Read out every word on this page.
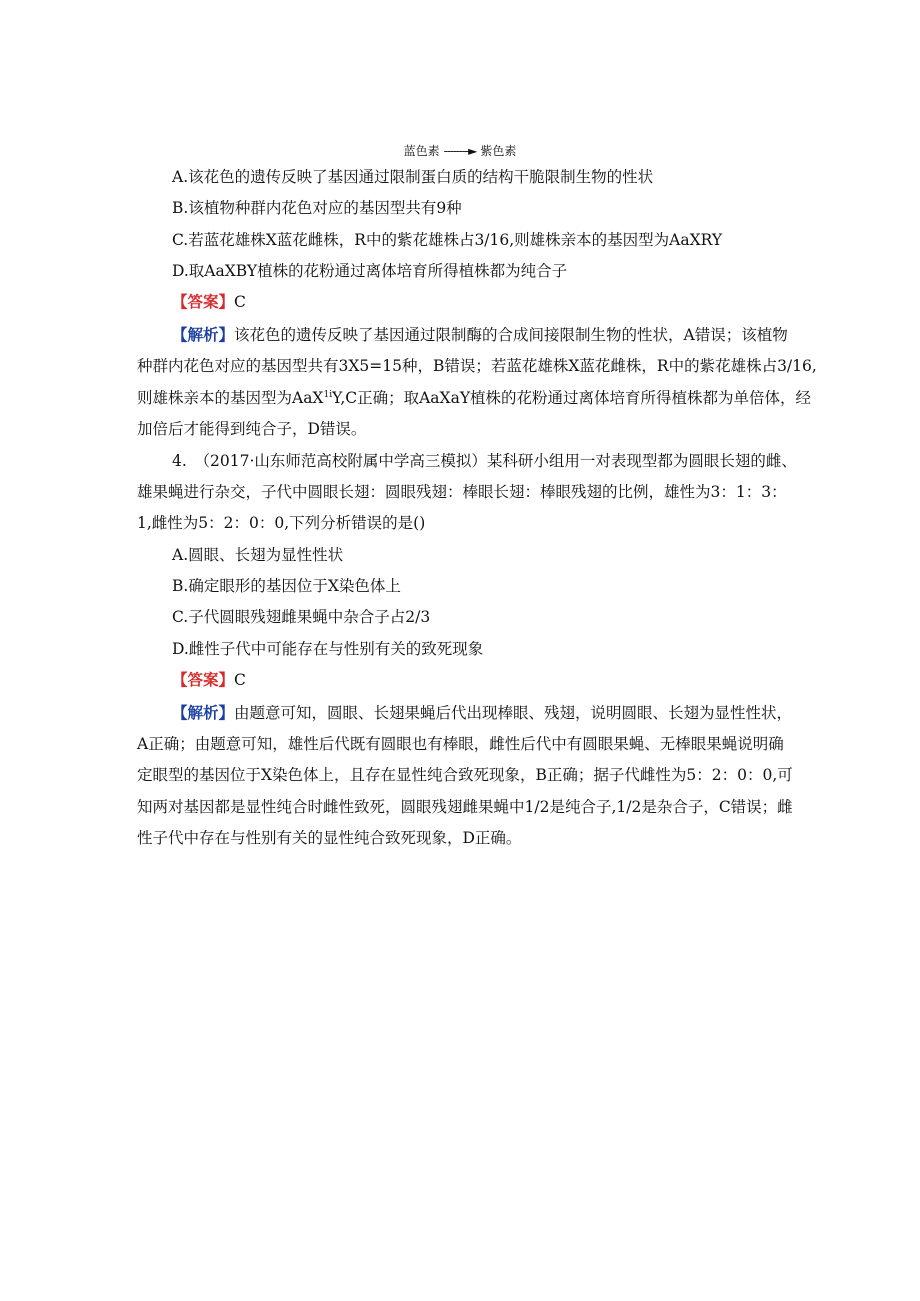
蓝色素 --------► 紫色素
A.该花色的遗传反映了基因通过限制蛋白质的结构干脆限制生物的性状
B.该植物种群内花色对应的基因型共有9种
C.若蓝花雄株X蓝花雌株，R中的紫花雄株占3/16,则雄株亲本的基因型为AaXRY
D.取AaXBY植株的花粉通过离体培育所得植株都为纯合子
【答案】C
【解析】该花色的遗传反映了基因通过限制酶的合成间接限制生物的性状，A错误；该植物
种群内花色对应的基因型共有3X5=15种，B错误；若蓝花雄株X蓝花雌株，R中的紫花雄株占3/16,
则雄株亲本的基因型为AaX$^{1i}$Y,C正确；取AaXaY植株的花粉通过离体培育所得植株都为单倍体，经
加倍后才能得到纯合子，D错误。
4.　（2017·山东师范高校附属中学高三模拟）某科研小组用一对表现型都为圆眼长翅的雌、
雄果蝇进行杂交，子代中圆眼长翅：圆眼残翅：棒眼长翅：棒眼残翅的比例，雄性为3：1：3：
1,雌性为5：2：0：0,下列分析错误的是()
A.圆眼、长翅为显性性状
B.确定眼形的基因位于X染色体上
C.子代圆眼残翅雌果蝇中杂合子占2/3
D.雌性子代中可能存在与性别有关的致死现象
【答案】C
【解析】由题意可知，圆眼、长翅果蝇后代出现棒眼、残翅，说明圆眼、长翅为显性性状，
A正确；由题意可知，雄性后代既有圆眼也有棒眼，雌性后代中有圆眼果蝇、无棒眼果蝇说明确
定眼型的基因位于X染色体上，且存在显性纯合致死现象，B正确；据子代雌性为5：2：0：0,可
知两对基因都是显性纯合时雌性致死，圆眼残翅雌果蝇中1/2是纯合子,1/2是杂合子，C错误；雌
性子代中存在与性别有关的显性纯合致死现象，D正确。
